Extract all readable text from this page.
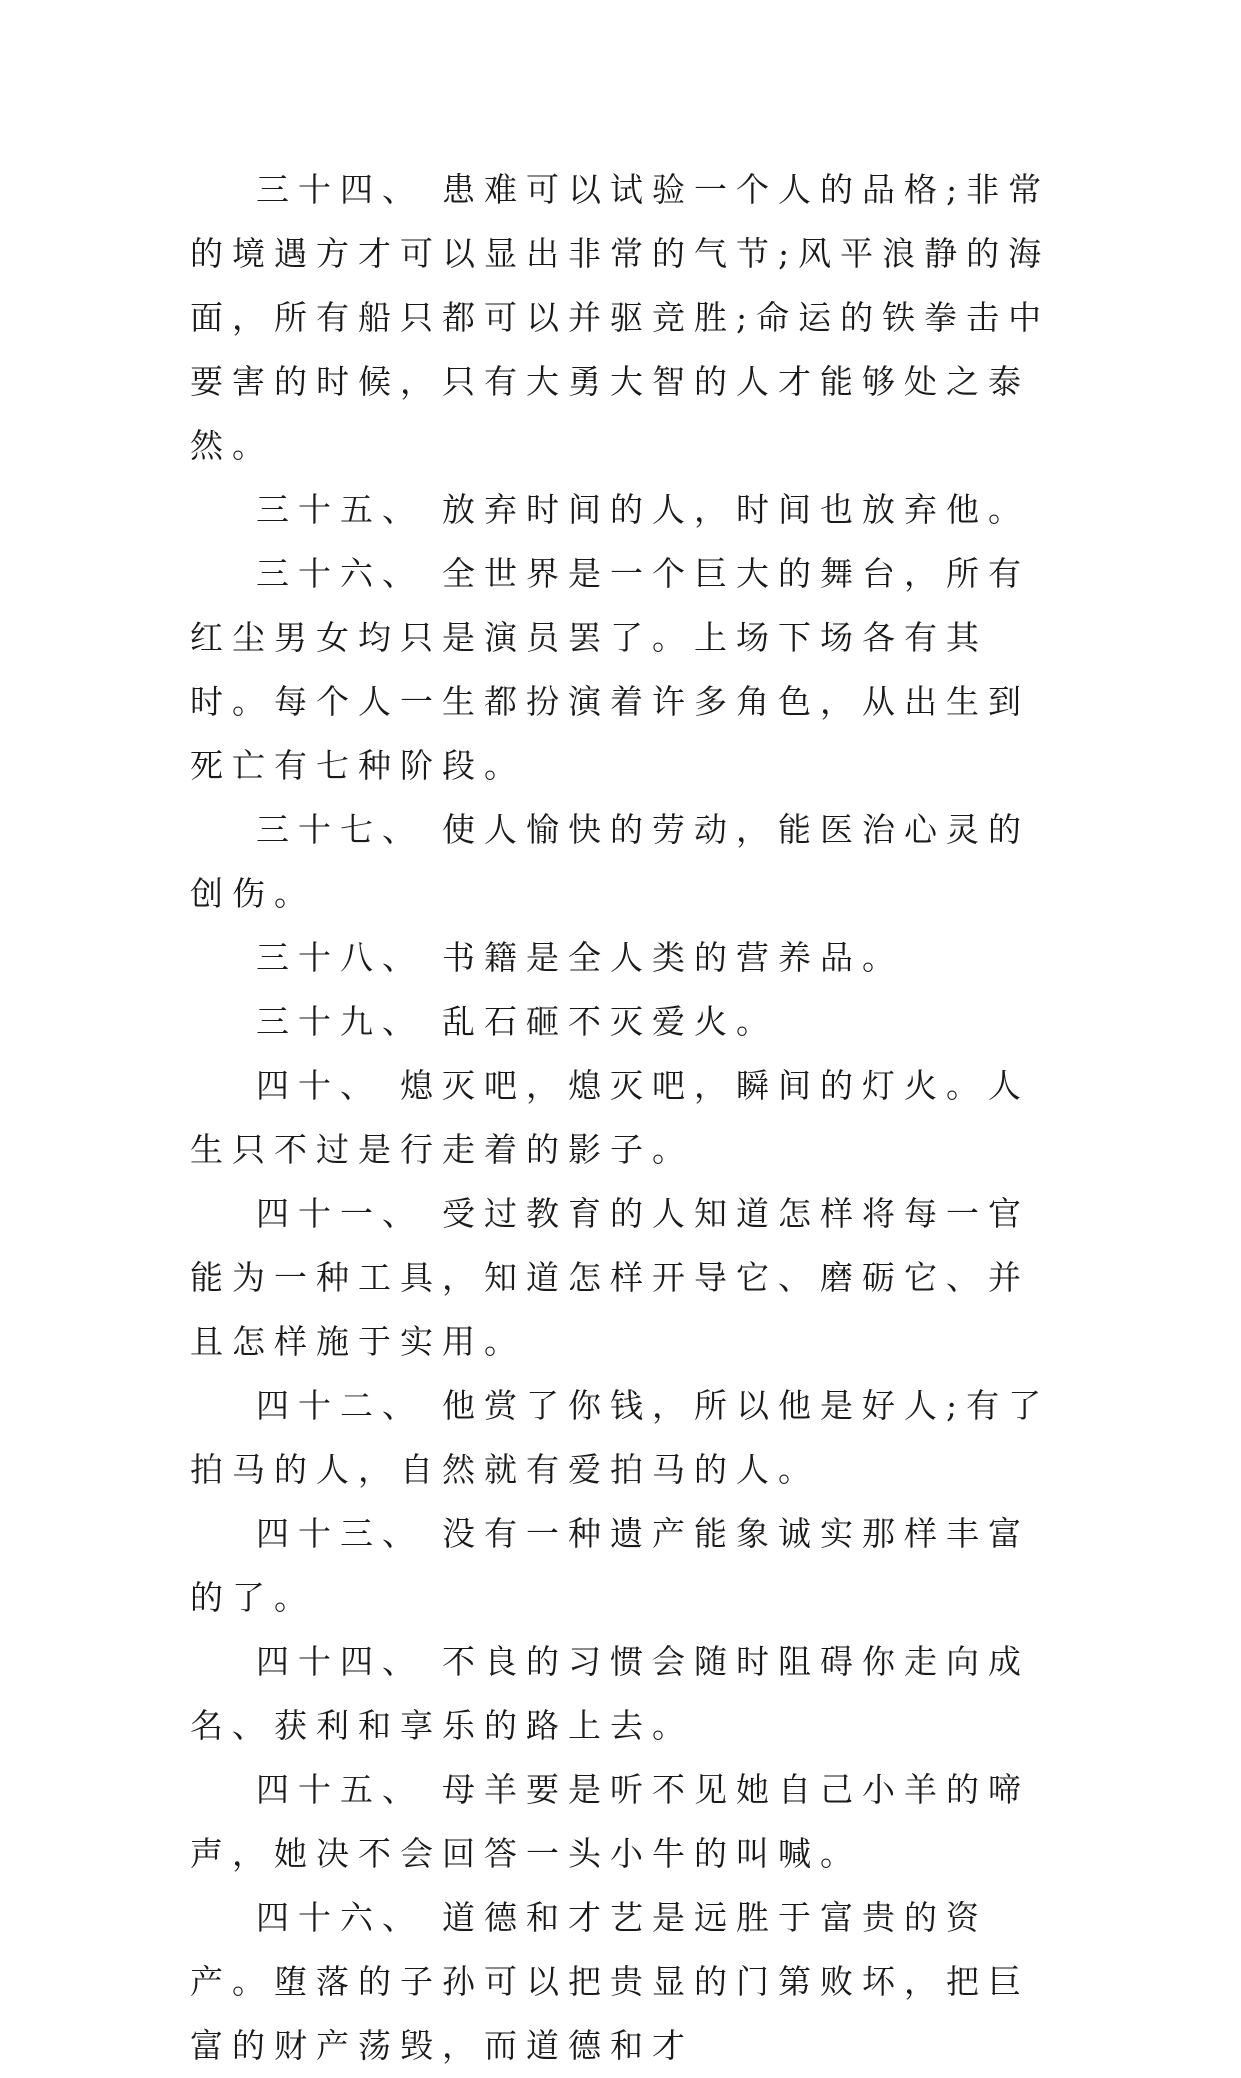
三十四、 患难可以试验一个人的品格;非常的境遇方才可以显出非常的气节;风平浪静的海面，所有船只都可以并驱竞胜;命运的铁拳击中要害的时候，只有大勇大智的人才能够处之泰然。

三十五、 放弃时间的人，时间也放弃他。

三十六、 全世界是一个巨大的舞台，所有红尘男女均只是演员罢了。上场下场各有其时。每个人一生都扮演着许多角色，从出生到死亡有七种阶段。

三十七、 使人愉快的劳动，能医治心灵的创伤。

三十八、 书籍是全人类的营养品。

三十九、 乱石砸不灭爱火。

四十、 熄灭吧，熄灭吧，瞬间的灯火。人生只不过是行走着的影子。

四十一、 受过教育的人知道怎样将每一官能为一种工具，知道怎样开导它、磨砺它、并且怎样施于实用。

四十二、 他赏了你钱，所以他是好人;有了拍马的人，自然就有爱拍马的人。

四十三、 没有一种遗产能象诚实那样丰富的了。

四十四、 不良的习惯会随时阻碍你走向成名、获利和享乐的路上去。

四十五、 母羊要是听不见她自己小羊的啼声，她决不会回答一头小牛的叫喊。

四十六、 道德和才艺是远胜于富贵的资产。堕落的子孙可以把贵显的门第败坏，把巨富的财产荡毁，而道德和才
